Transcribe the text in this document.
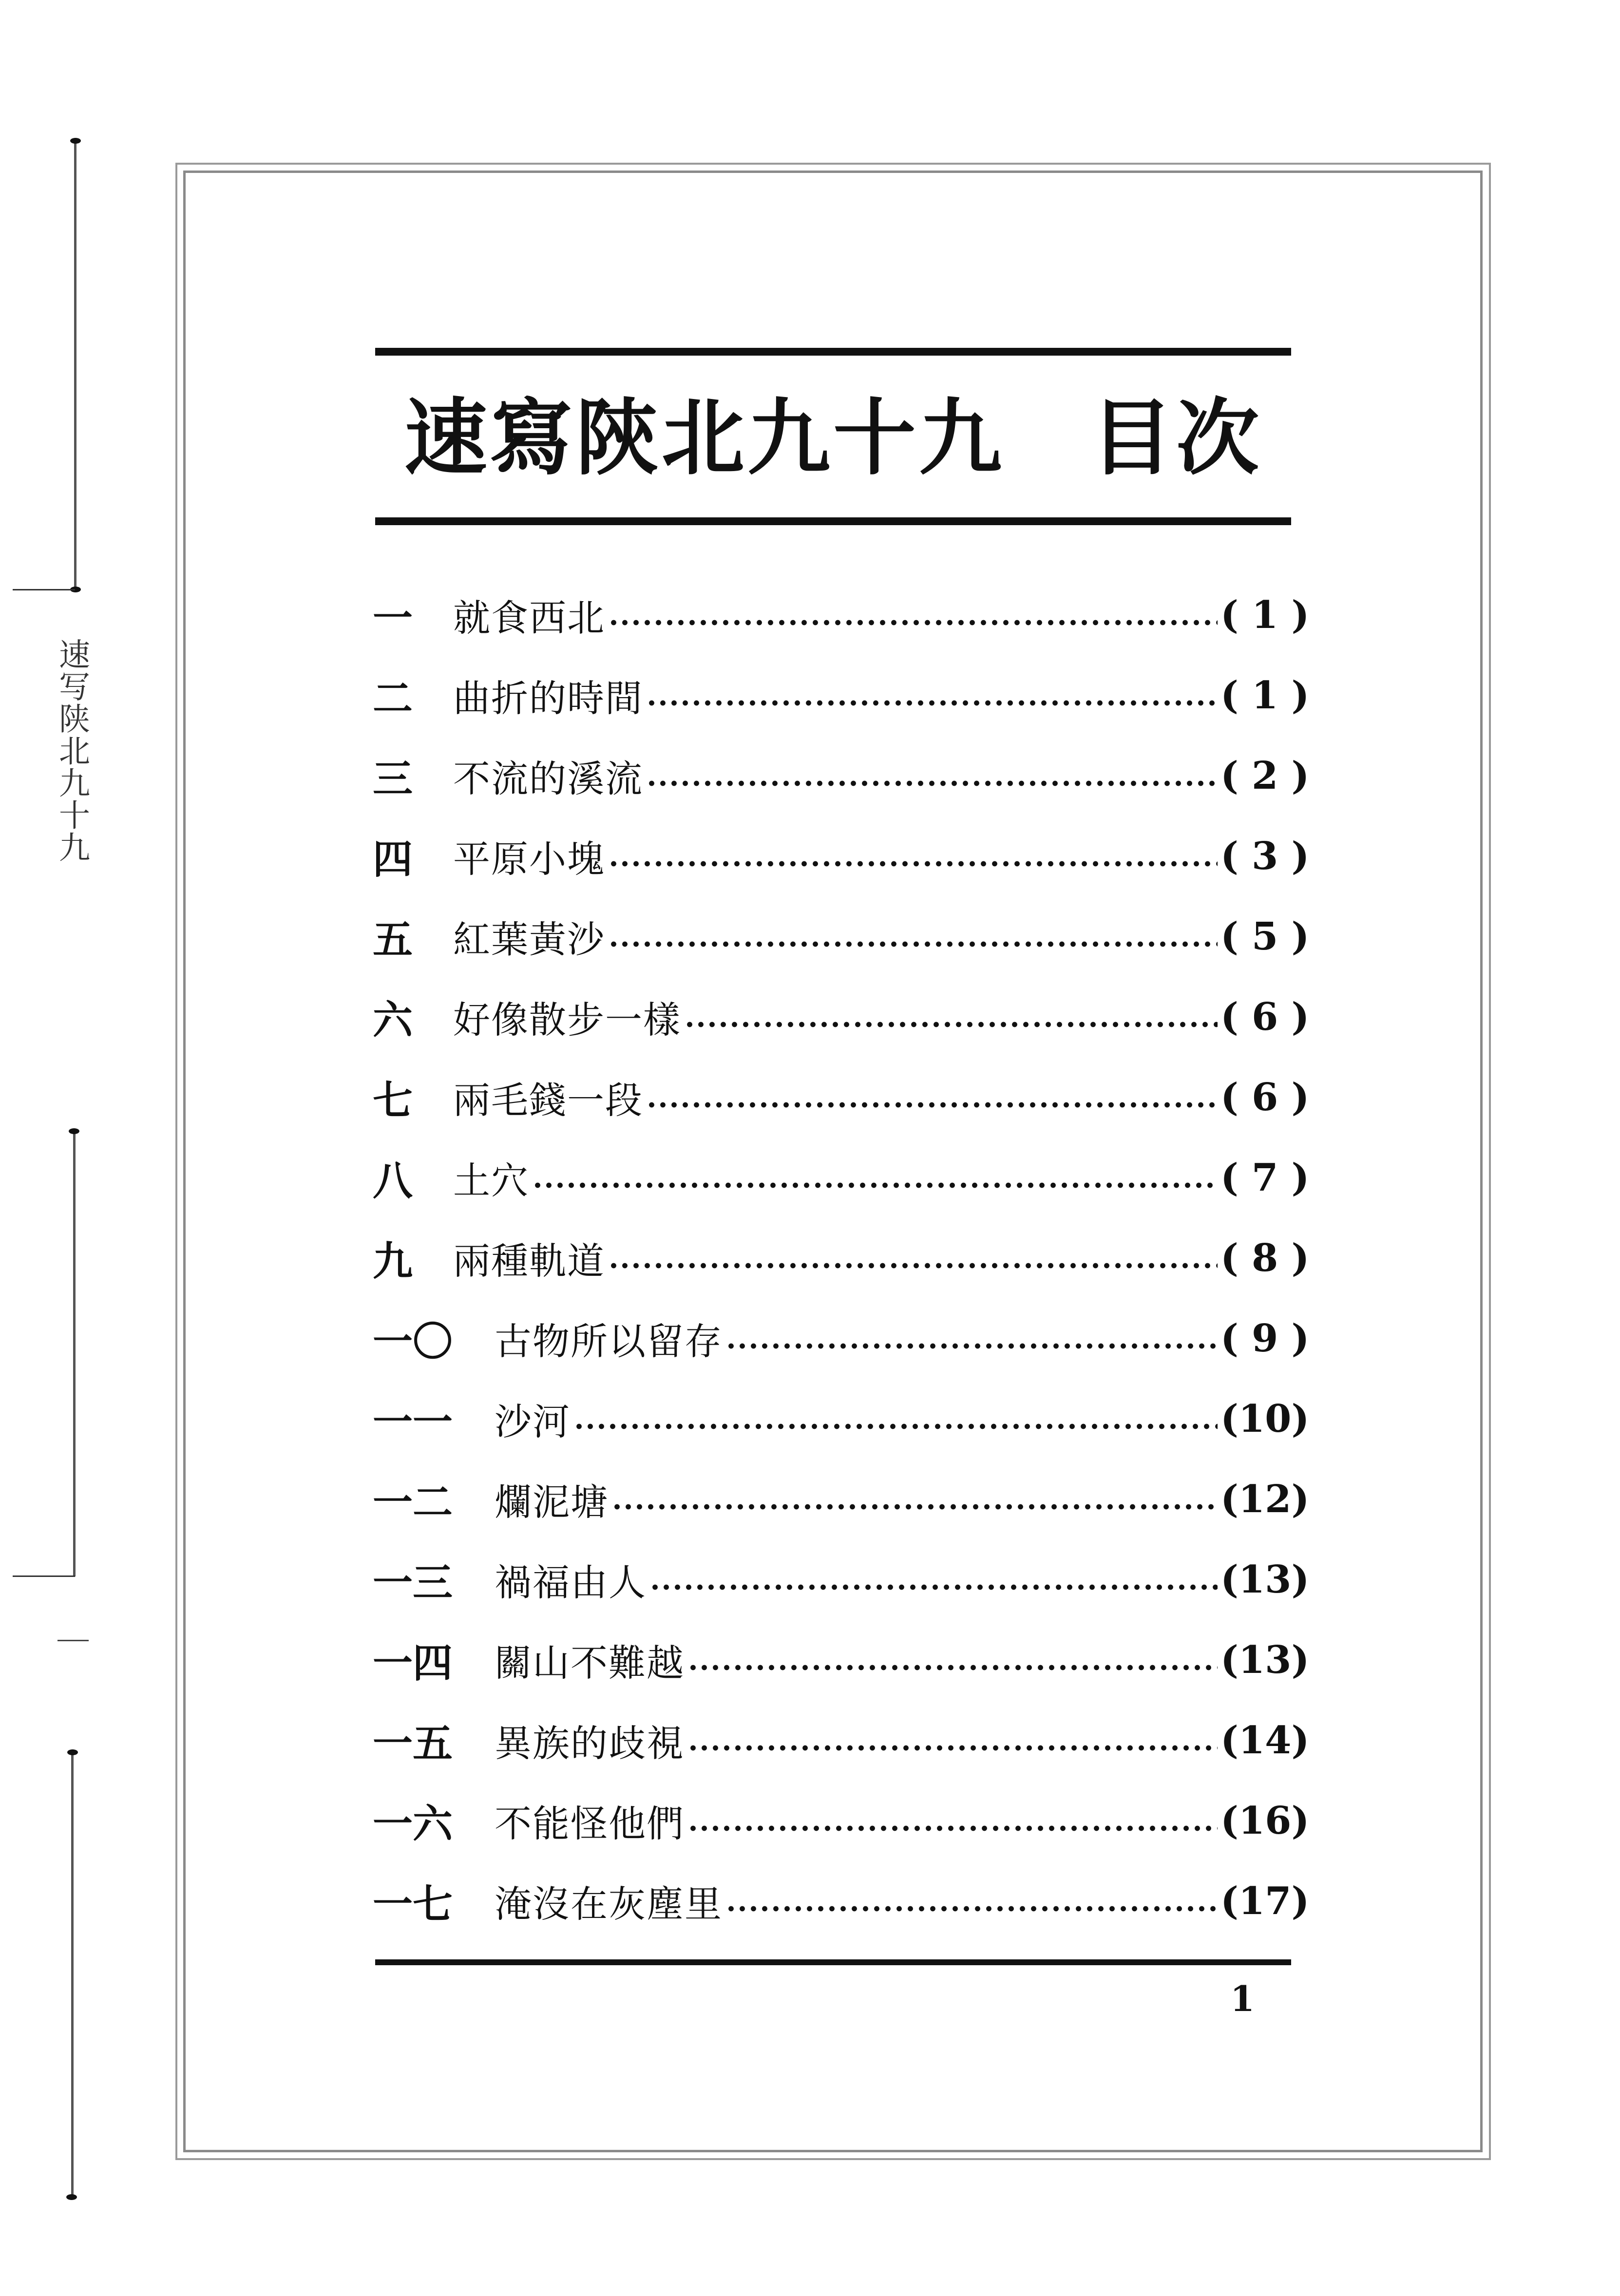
速写陕北九十九
速寫陝北九十九　目次
一	就食西北	( 1 )
二	曲折的時間	( 1 )
三	不流的溪流	( 2 )
四	平原小塊	( 3 )
五	紅葉黃沙	( 5 )
六	好像散步一樣	( 6 )
七	兩毛錢一段	( 6 )
八	土穴	( 7 )
九	兩種軌道	( 8 )
一〇	古物所以留存	( 9 )
一一	沙河	(10)
一二	爛泥塘	(12)
一三	禍福由人	(13)
一四	關山不難越	(13)
一五	異族的歧視	(14)
一六	不能怪他們	(16)
一七	淹沒在灰塵里	(17)
1
